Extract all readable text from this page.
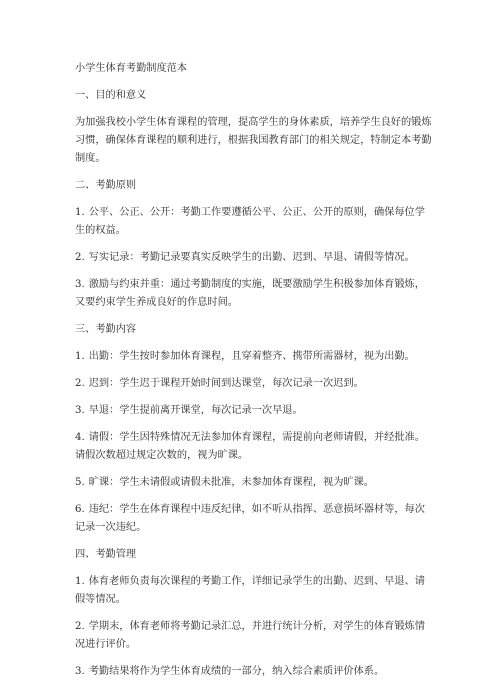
小学生体育考勤制度范本
一、目的和意义
为加强我校小学生体育课程的管理，提高学生的身体素质，培养学生良好的锻炼习惯，确保体育课程的顺利进行，根据我国教育部门的相关规定，特制定本考勤制度。
二、考勤原则
1. 公平、公正、公开：考勤工作要遵循公平、公正、公开的原则，确保每位学生的权益。
2. 写实记录：考勤记录要真实反映学生的出勤、迟到、早退、请假等情况。
3. 激励与约束并重：通过考勤制度的实施，既要激励学生积极参加体育锻炼，又要约束学生养成良好的作息时间。
三、考勤内容
1. 出勤：学生按时参加体育课程，且穿着整齐、携带所需器材，视为出勤。
2. 迟到：学生迟于课程开始时间到达课堂，每次记录一次迟到。
3. 早退：学生提前离开课堂，每次记录一次早退。
4. 请假：学生因特殊情况无法参加体育课程，需提前向老师请假，并经批准。请假次数超过规定次数的，视为旷课。
5. 旷课：学生未请假或请假未批准，未参加体育课程，视为旷课。
6. 违纪：学生在体育课程中违反纪律，如不听从指挥、恶意损坏器材等，每次记录一次违纪。
四、考勤管理
1. 体育老师负责每次课程的考勤工作，详细记录学生的出勤、迟到、早退、请假等情况。
2. 学期末，体育老师将考勤记录汇总，并进行统计分析，对学生的体育锻炼情况进行评价。
3. 考勤结果将作为学生体育成绩的一部分，纳入综合素质评价体系。
